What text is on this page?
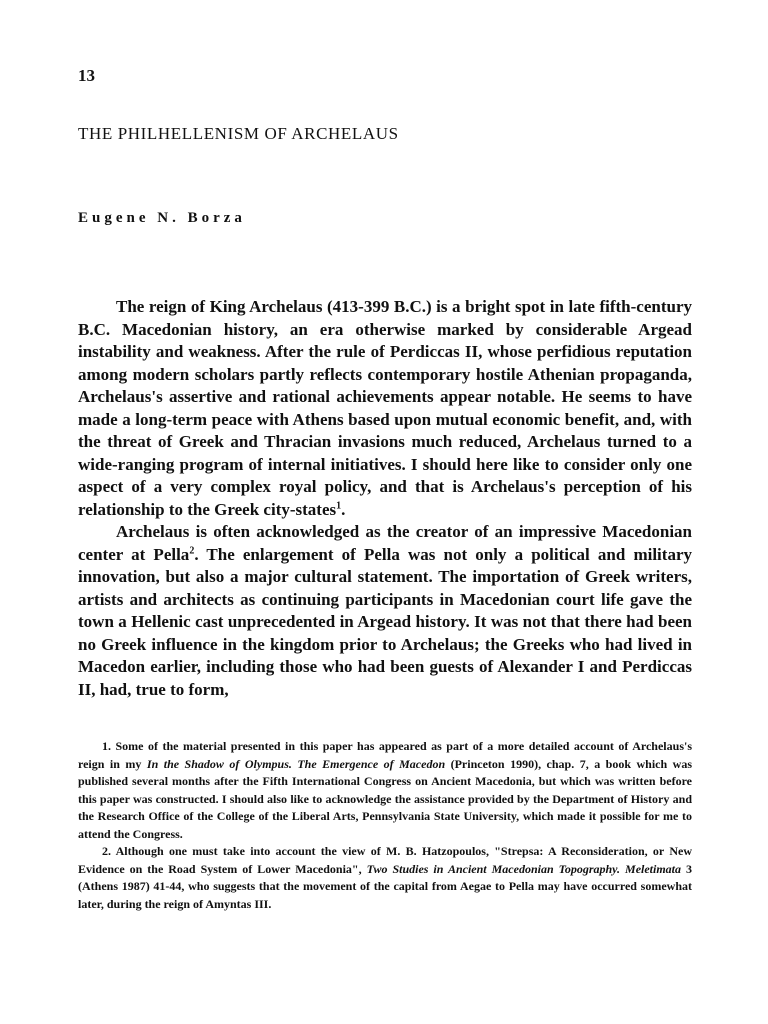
13
THE PHILHELLENISM OF ARCHELAUS
Eugene N. Borza

The reign of King Archelaus (413-399 B.C.) is a bright spot in late fifth-century B.C. Macedonian history, an era otherwise marked by considerable Argead instability and weakness. After the rule of Perdiccas II, whose perfidious reputation among modern scholars partly reflects contemporary hostile Athenian propaganda, Archelaus's assertive and rational achievements appear notable. He seems to have made a long-term peace with Athens based upon mutual economic benefit, and, with the threat of Greek and Thracian invasions much reduced, Archelaus turned to a wide-ranging program of internal initiatives. I should here like to consider only one aspect of a very complex royal policy, and that is Archelaus's perception of his relationship to the Greek city-states$^1$.

Archelaus is often acknowledged as the creator of an impressive Macedonian center at Pella$^2$. The enlargement of Pella was not only a political and military innovation, but also a major cultural statement. The importation of Greek writers, artists and architects as continuing participants in Macedonian court life gave the town a Hellenic cast unprecedented in Argead history. It was not that there had been no Greek influence in the kingdom prior to Archelaus; the Greeks who had lived in Macedon earlier, including those who had been guests of Alexander I and Perdiccas II, had, true to form,

1. Some of the material presented in this paper has appeared as part of a more detailed account of Archelaus's reign in my In the Shadow of Olympus. The Emergence of Macedon (Princeton 1990), chap. 7, a book which was published several months after the Fifth International Congress on Ancient Macedonia, but which was written before this paper was constructed. I should also like to acknowledge the assistance provided by the Department of History and the Research Office of the College of the Liberal Arts, Pennsylvania State University, which made it possible for me to attend the Congress.

2. Although one must take into account the view of M. B. Hatzopoulos, "Strepsa: A Reconsideration, or New Evidence on the Road System of Lower Macedonia", Two Studies in Ancient Macedonian Topography. Meletimata 3 (Athens 1987) 41-44, who suggests that the movement of the capital from Aegae to Pella may have occurred somewhat later, during the reign of Amyntas III.
